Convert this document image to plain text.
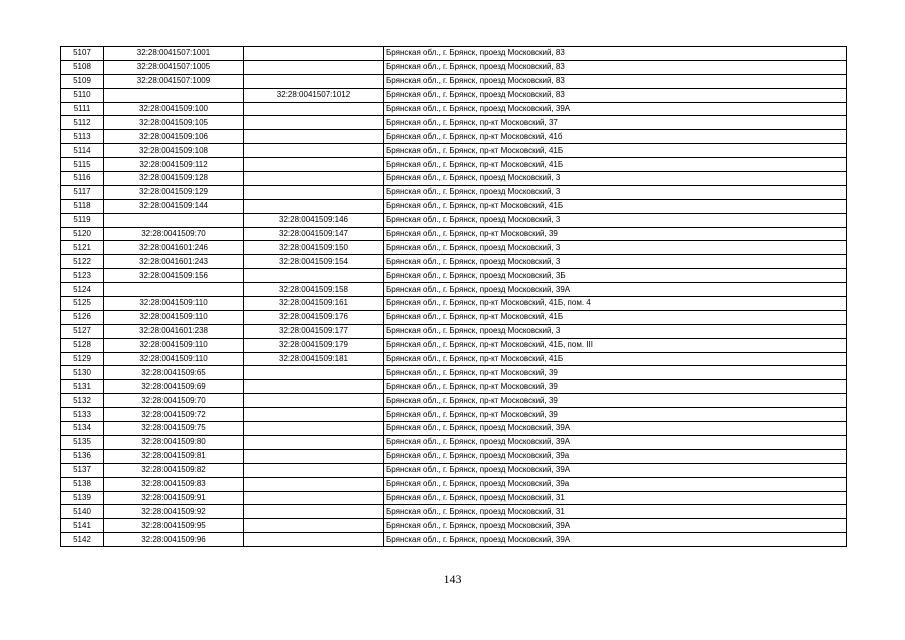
5107	32:28:0041507:1001		Брянская обл., г. Брянск, проезд Московский, 83
5108	32:28:0041507:1005		Брянская обл., г. Брянск, проезд Московский, 83
5109	32:28:0041507:1009		Брянская обл., г. Брянск, проезд Московский, 83
5110		32:28:0041507:1012	Брянская обл., г. Брянск, проезд Московский, 83
5111	32:28:0041509:100		Брянская обл., г. Брянск, проезд Московский, 39А
5112	32:28:0041509:105		Брянская обл., г. Брянск, пр-кт Московский, 37
5113	32:28:0041509:106		Брянская обл., г. Брянск, пр-кт Московский, 41б
5114	32:28:0041509:108		Брянская обл., г. Брянск, пр-кт Московский, 41Б
5115	32:28:0041509:112		Брянская обл., г. Брянск, пр-кт Московский, 41Б
5116	32:28:0041509:128		Брянская обл., г. Брянск, проезд Московский, 3
5117	32:28:0041509:129		Брянская обл., г. Брянск, проезд Московский, 3
5118	32:28:0041509:144		Брянская обл., г. Брянск, пр-кт Московский, 41Б
5119		32:28:0041509:146	Брянская обл., г. Брянск, проезд Московский, 3
5120	32:28:0041509:70	32:28:0041509:147	Брянская обл., г. Брянск, пр-кт Московский, 39
5121	32:28:0041601:246	32:28:0041509:150	Брянская обл., г. Брянск, проезд Московский, 3
5122	32:28:0041601:243	32:28:0041509:154	Брянская обл., г. Брянск, проезд Московский, 3
5123	32:28:0041509:156		Брянская обл., г. Брянск, проезд Московский, 3Б
5124		32:28:0041509:158	Брянская обл., г. Брянск, проезд Московский, 39А
5125	32:28:0041509:110	32:28:0041509:161	Брянская обл., г. Брянск, пр-кт Московский, 41Б, пом. 4
5126	32:28:0041509:110	32:28:0041509:176	Брянская обл., г. Брянск, пр-кт Московский, 41Б
5127	32:28:0041601:238	32:28:0041509:177	Брянская обл., г. Брянск, проезд Московский, 3
5128	32:28:0041509:110	32:28:0041509:179	Брянская обл., г. Брянск, пр-кт Московский, 41Б, пом. III
5129	32:28:0041509:110	32:28:0041509:181	Брянская обл., г. Брянск, пр-кт Московский, 41Б
5130	32:28:0041509:65		Брянская обл., г. Брянск, пр-кт Московский, 39
5131	32:28:0041509:69		Брянская обл., г. Брянск, пр-кт Московский, 39
5132	32:28:0041509:70		Брянская обл., г. Брянск, пр-кт Московский, 39
5133	32:28:0041509:72		Брянская обл., г. Брянск, пр-кт Московский, 39
5134	32:28:0041509:75		Брянская обл., г. Брянск, проезд Московский, 39А
5135	32:28:0041509:80		Брянская обл., г. Брянск, проезд Московский, 39А
5136	32:28:0041509:81		Брянская обл., г. Брянск, проезд Московский, 39а
5137	32:28:0041509:82		Брянская обл., г. Брянск, проезд Московский, 39А
5138	32:28:0041509:83		Брянская обл., г. Брянск, проезд Московский, 39а
5139	32:28:0041509:91		Брянская обл., г. Брянск, проезд Московский, 31
5140	32:28:0041509:92		Брянская обл., г. Брянск, проезд Московский, 31
5141	32:28:0041509:95		Брянская обл., г. Брянск, проезд Московский, 39А
5142	32:28:0041509:96		Брянская обл., г. Брянск, проезд Московский, 39А
143
